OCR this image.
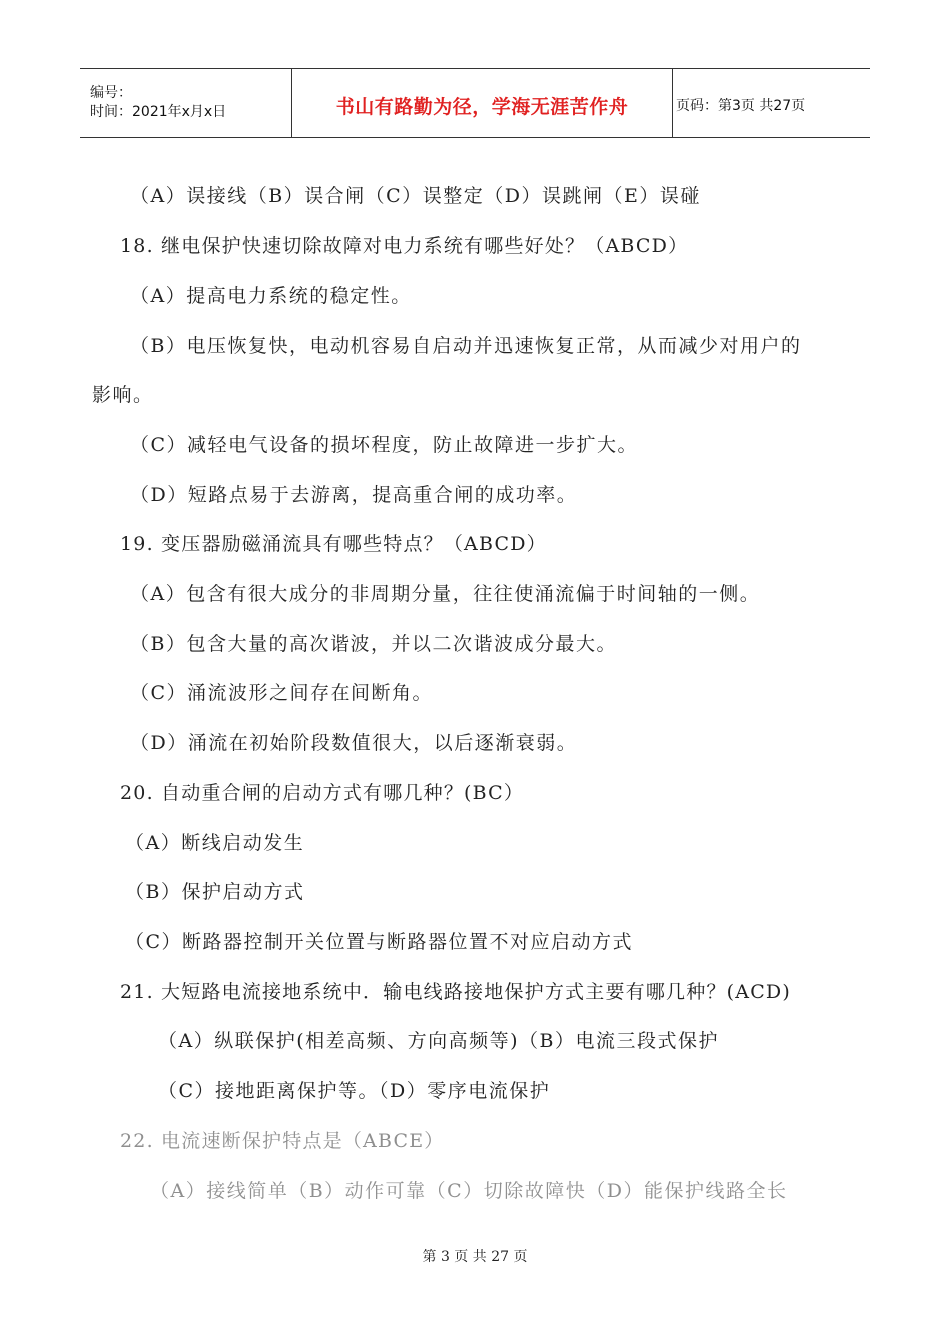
编号：
时间：2021年x月x日	书山有路勤为径，学海无涯苦作舟	页码：第3页 共27页
（A）误接线（B）误合闸（C）误整定（D）误跳闸（E）误碰
18. 继电保护快速切除故障对电力系统有哪些好处？（ABCD）
（A）提高电力系统的稳定性。
（B）电压恢复快，电动机容易自启动并迅速恢复正常，从而减少对用户的
影响。
（C）减轻电气设备的损坏程度，防止故障进一步扩大。
（D）短路点易于去游离，提高重合闸的成功率。
19. 变压器励磁涌流具有哪些特点？（ABCD）
（A）包含有很大成分的非周期分量，往往使涌流偏于时间轴的一侧。
（B）包含大量的高次谐波，并以二次谐波成分最大。
（C）涌流波形之间存在间断角。
（D）涌流在初始阶段数值很大，以后逐渐衰弱。
20. 自动重合闸的启动方式有哪几种？(BC）
（A）断线启动发生
（B）保护启动方式
（C）断路器控制开关位置与断路器位置不对应启动方式
21. 大短路电流接地系统中．输电线路接地保护方式主要有哪几种？(ACD)
（A）纵联保护(相差高频、方向高频等)（B）电流三段式保护
（C）接地距离保护等。（D）零序电流保护
22. 电流速断保护特点是（ABCE）
（A）接线简单（B）动作可靠（C）切除故障快（D）能保护线路全长
第 3 页 共 27 页
